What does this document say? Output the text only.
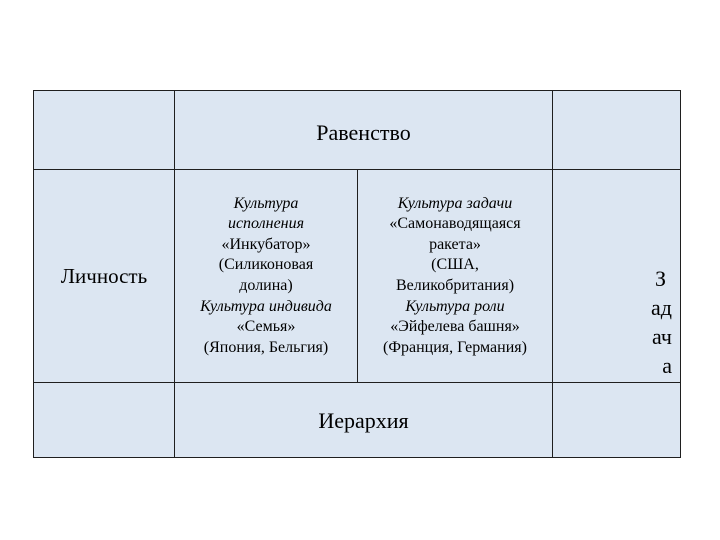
Равенство
Личность
Культура
исполнения
«Инкубатор»
(Силиконовая
долина)
Культура индивида
«Семья»
(Япония, Бельгия)
Культура задачи
«Самонаводящаяся
ракета»
(США,
Великобритания)
Культура роли
«Эйфелева башня»
(Франция, Германия)
Иерархия
З
ад
ач
а
